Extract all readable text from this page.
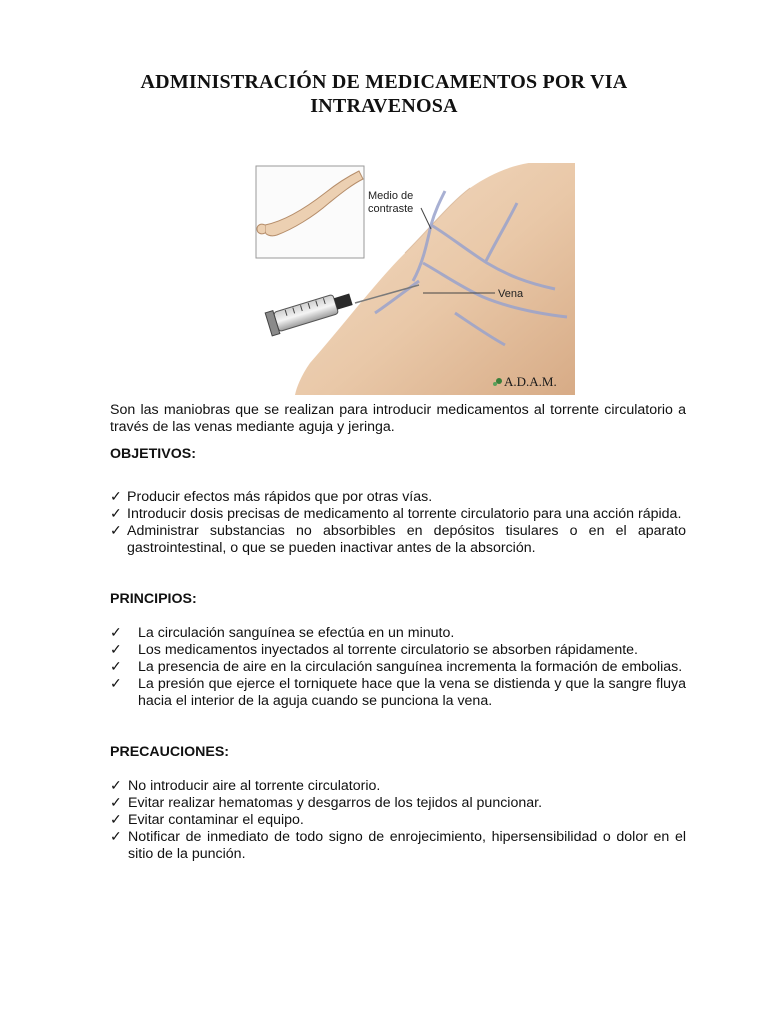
ADMINISTRACIÓN DE MEDICAMENTOS POR VIA INTRAVENOSA
Medio de
contraste
Vena
A.D.A.M.
Son las maniobras que se realizan para introducir medicamentos al torrente circulatorio a través de las venas mediante aguja y jeringa.
OBJETIVOS:
✓ Producir efectos más rápidos que por otras vías.
✓ Introducir dosis precisas de medicamento al torrente circulatorio para una acción rápida.
✓ Administrar substancias no absorbibles en depósitos tisulares o en el aparato gastrointestinal, o que se pueden inactivar antes de la absorción.
PRINCIPIOS:
✓ La circulación sanguínea se efectúa en un minuto.
✓ Los medicamentos inyectados al torrente circulatorio se absorben rápidamente.
✓ La presencia de aire en la circulación sanguínea incrementa la formación de embolias.
✓ La presión que ejerce el torniquete hace que la vena se distienda y que la sangre fluya hacia el interior de la aguja cuando se punciona la vena.
PRECAUCIONES:
✓ No introducir aire al torrente circulatorio.
✓ Evitar realizar hematomas y desgarros de los tejidos al puncionar.
✓ Evitar contaminar el equipo.
✓ Notificar de inmediato de todo signo de enrojecimiento, hipersensibilidad o dolor en el sitio de la punción.
